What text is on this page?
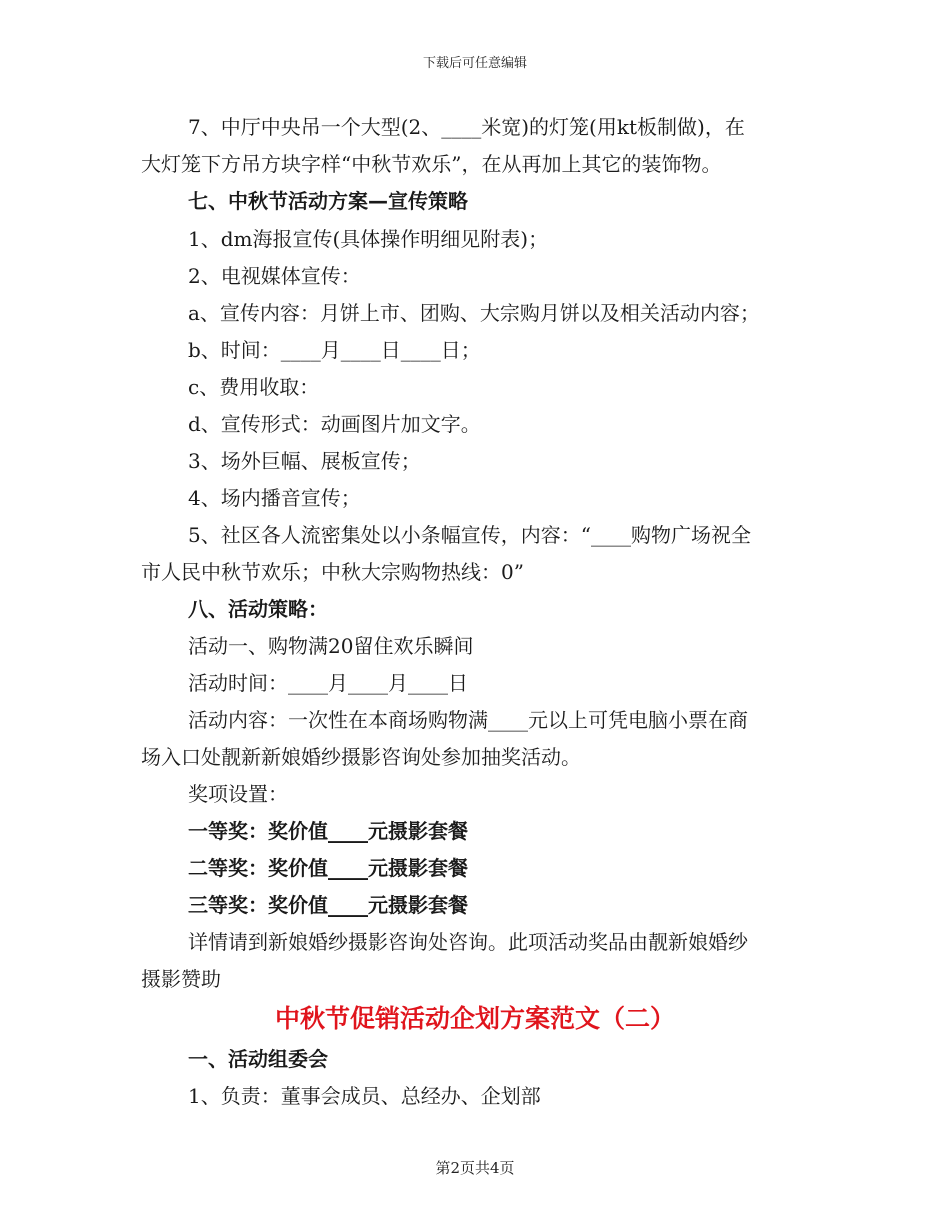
下载后可任意编辑
7、中厅中央吊一个大型(2、____米宽)的灯笼(用kt板制做)，在
大灯笼下方吊方块字样“中秋节欢乐”，在从再加上其它的装饰物。
七、中秋节活动方案—宣传策略
1、dm海报宣传(具体操作明细见附表)；
2、电视媒体宣传：
a、宣传内容：月饼上市、团购、大宗购月饼以及相关活动内容；
b、时间：____月____日____日；
c、费用收取：
d、宣传形式：动画图片加文字。
3、场外巨幅、展板宣传；
4、场内播音宣传；
5、社区各人流密集处以小条幅宣传，内容：“____购物广场祝全
市人民中秋节欢乐；中秋大宗购物热线：0”
八、活动策略：
活动一、购物满20留住欢乐瞬间
活动时间：____月____月____日
活动内容：一次性在本商场购物满____元以上可凭电脑小票在商
场入口处靓新新娘婚纱摄影咨询处参加抽奖活动。
奖项设置：
一等奖：奖价值____元摄影套餐
二等奖：奖价值____元摄影套餐
三等奖：奖价值____元摄影套餐
详情请到新娘婚纱摄影咨询处咨询。此项活动奖品由靓新娘婚纱
摄影赞助
中秋节促销活动企划方案范文（二）
一、活动组委会
1、负责：董事会成员、总经办、企划部
第2页共4页
